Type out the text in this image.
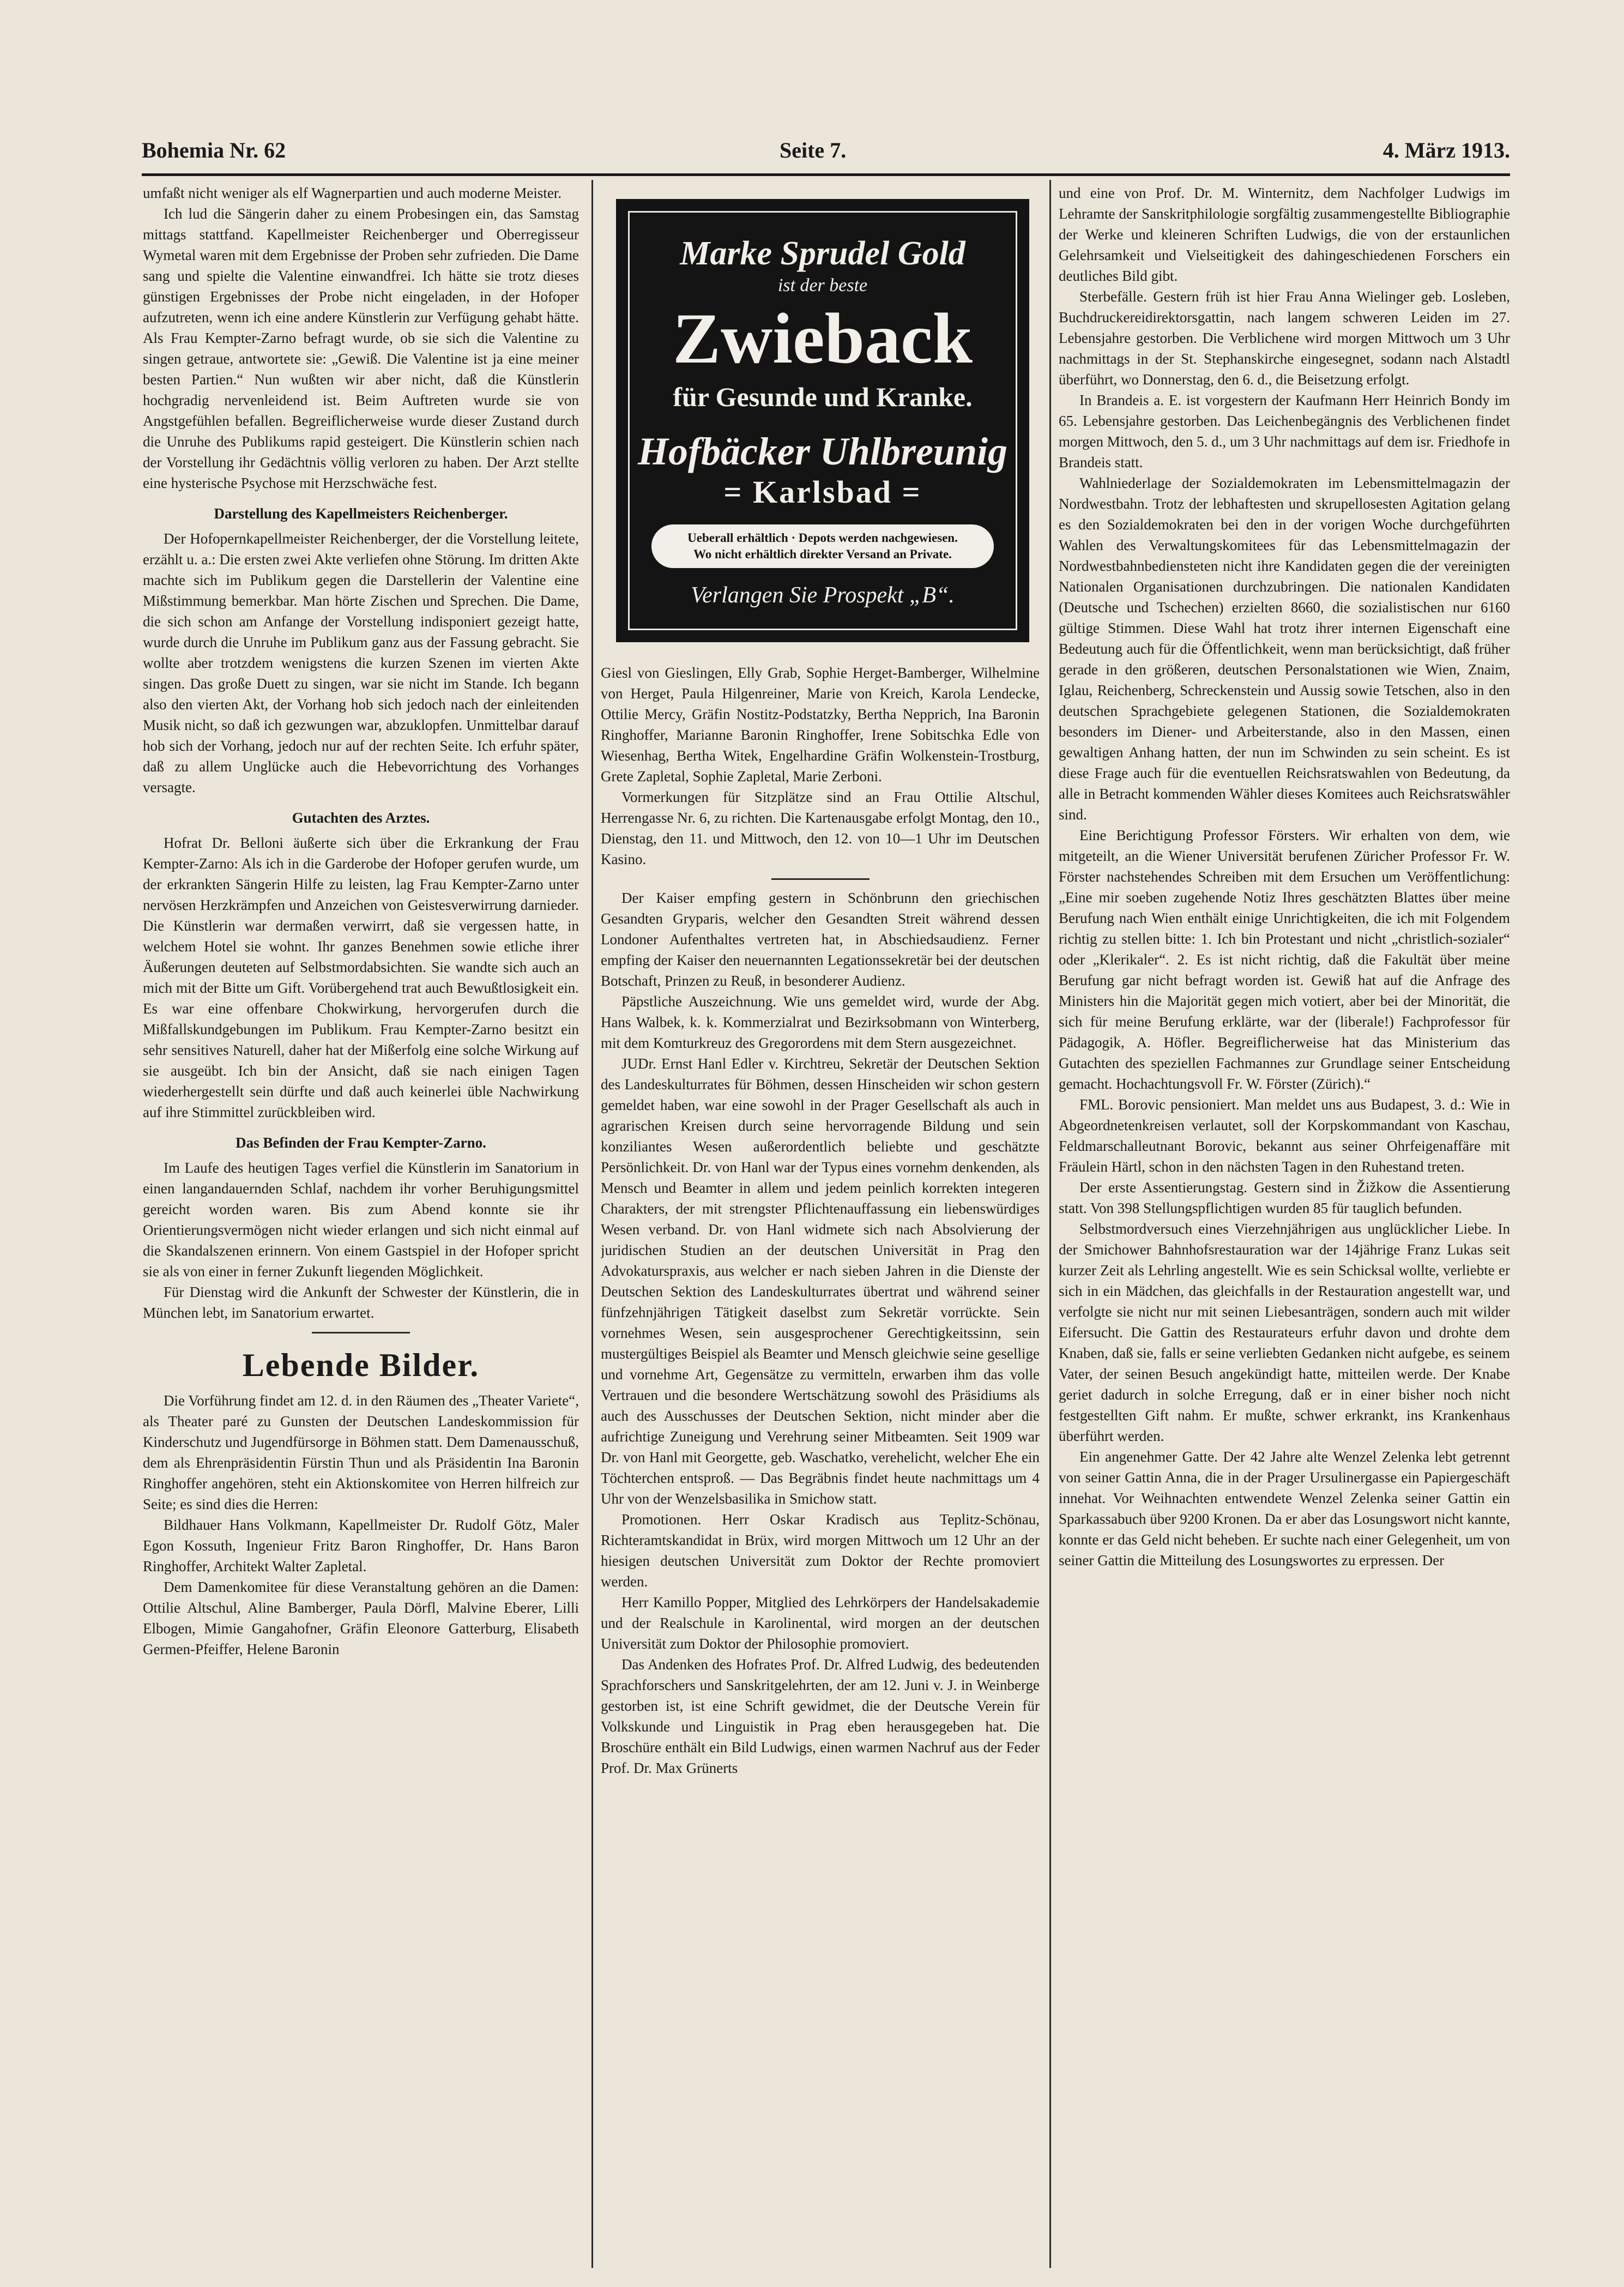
Bohemia Nr. 62	Seite 7.	4. März 1913.

umfaßt nicht weniger als elf Wagnerpartien und auch moderne Meister.

Ich lud die Sängerin daher zu einem Probesingen ein, das Samstag mittags stattfand. Kapellmeister Reichenberger und Oberregisseur Wymetal waren mit dem Ergebnisse der Proben sehr zufrieden. Die Dame sang und spielte die Valentine einwandfrei. Ich hätte sie trotz dieses günstigen Ergebnisses der Probe nicht eingeladen, in der Hofoper aufzutreten, wenn ich eine andere Künstlerin zur Verfügung gehabt hätte. Als Frau Kempter-Zarno befragt wurde, ob sie sich die Valentine zu singen getraue, antwortete sie: „Gewiß. Die Valentine ist ja eine meiner besten Partien.“ Nun wußten wir aber nicht, daß die Künstlerin hochgradig nervenleidend ist. Beim Auftreten wurde sie von Angstgefühlen befallen. Begreiflicherweise wurde dieser Zustand durch die Unruhe des Publikums rapid gesteigert. Die Künstlerin schien nach der Vorstellung ihr Gedächtnis völlig verloren zu haben. Der Arzt stellte eine hysterische Psychose mit Herzschwäche fest.

Darstellung des Kapellmeisters Reichenberger.

Der Hofopernkapellmeister Reichenberger, der die Vorstellung leitete, erzählt u. a.: Die ersten zwei Akte verliefen ohne Störung. Im dritten Akte machte sich im Publikum gegen die Darstellerin der Valentine eine Mißstimmung bemerkbar. Man hörte Zischen und Sprechen. Die Dame, die sich schon am Anfange der Vorstellung indisponiert gezeigt hatte, wurde durch die Unruhe im Publikum ganz aus der Fassung gebracht. Sie wollte aber trotzdem wenigstens die kurzen Szenen im vierten Akte singen. Das große Duett zu singen, war sie nicht im Stande. Ich begann also den vierten Akt, der Vorhang hob sich jedoch nach der einleitenden Musik nicht, so daß ich gezwungen war, abzuklopfen. Unmittelbar darauf hob sich der Vorhang, jedoch nur auf der rechten Seite. Ich erfuhr später, daß zu allem Unglücke auch die Hebevorrichtung des Vorhanges versagte.

Gutachten des Arztes.

Hofrat Dr. Belloni äußerte sich über die Erkrankung der Frau Kempter-Zarno: Als ich in die Garderobe der Hofoper gerufen wurde, um der erkrankten Sängerin Hilfe zu leisten, lag Frau Kempter-Zarno unter nervösen Herzkrämpfen und Anzeichen von Geistesverwirrung darnieder. Die Künstlerin war dermaßen verwirrt, daß sie vergessen hatte, in welchem Hotel sie wohnt. Ihr ganzes Benehmen sowie etliche ihrer Äußerungen deuteten auf Selbstmordabsichten. Sie wandte sich auch an mich mit der Bitte um Gift. Vorübergehend trat auch Bewußtlosigkeit ein. Es war eine offenbare Chokwirkung, hervorgerufen durch die Mißfallskundgebungen im Publikum. Frau Kempter-Zarno besitzt ein sehr sensitives Naturell, daher hat der Mißerfolg eine solche Wirkung auf sie ausgeübt. Ich bin der Ansicht, daß sie nach einigen Tagen wiederhergestellt sein dürfte und daß auch keinerlei üble Nachwirkung auf ihre Stimmittel zurückbleiben wird.

Das Befinden der Frau Kempter-Zarno.

Im Laufe des heutigen Tages verfiel die Künstlerin im Sanatorium in einen langandauernden Schlaf, nachdem ihr vorher Beruhigungsmittel gereicht worden waren. Bis zum Abend konnte sie ihr Orientierungsvermögen nicht wieder erlangen und sich nicht einmal auf die Skandalszenen erinnern. Von einem Gastspiel in der Hofoper spricht sie als von einer in ferner Zukunft liegenden Möglichkeit.

Für Dienstag wird die Ankunft der Schwester der Künstlerin, die in München lebt, im Sanatorium erwartet.

Lebende Bilder.

Die Vorführung findet am 12. d. in den Räumen des „Theater Variete“, als Theater paré zu Gunsten der Deutschen Landeskommission für Kinderschutz und Jugendfürsorge in Böhmen statt. Dem Damenausschuß, dem als Ehrenpräsidentin Fürstin Thun und als Präsidentin Ina Baronin Ringhoffer angehören, steht ein Aktionskomitee von Herren hilfreich zur Seite; es sind dies die Herren:

Bildhauer Hans Volkmann, Kapellmeister Dr. Rudolf Götz, Maler Egon Kossuth, Ingenieur Fritz Baron Ringhoffer, Dr. Hans Baron Ringhoffer, Architekt Walter Zapletal.

Dem Damenkomitee für diese Veranstaltung gehören an die Damen: Ottilie Altschul, Aline Bamberger, Paula Dörfl, Malvine Eberer, Lilli Elbogen, Mimie Gangahofner, Gräfin Eleonore Gatterburg, Elisabeth Germen-Pfeiffer, Helene Baronin

Marke Sprudel Gold
ist der beste
Zwieback
für Gesunde und Kranke.
Hofbäcker Uhlbreunig
= Karlsbad =
Ueberall erhältlich · Depots werden nachgewiesen.
Wo nicht erhältlich direkter Versand an Private.
Verlangen Sie Prospekt „B“.

Giesl von Gieslingen, Elly Grab, Sophie Herget-Bamberger, Wilhelmine von Herget, Paula Hilgenreiner, Marie von Kreich, Karola Lendecke, Ottilie Mercy, Gräfin Nostitz-Podstatzky, Bertha Nepprich, Ina Baronin Ringhoffer, Marianne Baronin Ringhoffer, Irene Sobitschka Edle von Wiesenhag, Bertha Witek, Engelhardine Gräfin Wolkenstein-Trostburg, Grete Zapletal, Sophie Zapletal, Marie Zerboni.

Vormerkungen für Sitzplätze sind an Frau Ottilie Altschul, Herrengasse Nr. 6, zu richten. Die Kartenausgabe erfolgt Montag, den 10., Dienstag, den 11. und Mittwoch, den 12. von 10—1 Uhr im Deutschen Kasino.

Der Kaiser empfing gestern in Schönbrunn den griechischen Gesandten Gryparis, welcher den Gesandten Streit während dessen Londoner Aufenthaltes vertreten hat, in Abschiedsaudienz. Ferner empfing der Kaiser den neuernannten Legationssekretär bei der deutschen Botschaft, Prinzen zu Reuß, in besonderer Audienz.

Päpstliche Auszeichnung. Wie uns gemeldet wird, wurde der Abg. Hans Walbek, k. k. Kommerzialrat und Bezirksobmann von Winterberg, mit dem Komturkreuz des Gregorordens mit dem Stern ausgezeichnet.

JUDr. Ernst Hanl Edler v. Kirchtreu, Sekretär der Deutschen Sektion des Landeskulturrates für Böhmen, dessen Hinscheiden wir schon gestern gemeldet haben, war eine sowohl in der Prager Gesellschaft als auch in agrarischen Kreisen durch seine hervorragende Bildung und sein konziliantes Wesen außerordentlich beliebte und geschätzte Persönlichkeit. Dr. von Hanl war der Typus eines vornehm denkenden, als Mensch und Beamter in allem und jedem peinlich korrekten integeren Charakters, der mit strengster Pflichtenauffassung ein liebenswürdiges Wesen verband. Dr. von Hanl widmete sich nach Absolvierung der juridischen Studien an der deutschen Universität in Prag den Advokaturspraxis, aus welcher er nach sieben Jahren in die Dienste der Deutschen Sektion des Landeskulturrates übertrat und während seiner fünfzehnjährigen Tätigkeit daselbst zum Sekretär vorrückte. Sein vornehmes Wesen, sein ausgesprochener Gerechtigkeitssinn, sein mustergültiges Beispiel als Beamter und Mensch gleichwie seine gesellige und vornehme Art, Gegensätze zu vermitteln, erwarben ihm das volle Vertrauen und die besondere Wertschätzung sowohl des Präsidiums als auch des Ausschusses der Deutschen Sektion, nicht minder aber die aufrichtige Zuneigung und Verehrung seiner Mitbeamten. Seit 1909 war Dr. von Hanl mit Georgette, geb. Waschatko, verehelicht, welcher Ehe ein Töchterchen entsproß. — Das Begräbnis findet heute nachmittags um 4 Uhr von der Wenzelsbasilika in Smichow statt.

Promotionen. Herr Oskar Kradisch aus Teplitz-Schönau, Richteramtskandidat in Brüx, wird morgen Mittwoch um 12 Uhr an der hiesigen deutschen Universität zum Doktor der Rechte promoviert werden.

Herr Kamillo Popper, Mitglied des Lehrkörpers der Handelsakademie und der Realschule in Karolinental, wird morgen an der deutschen Universität zum Doktor der Philosophie promoviert.

Das Andenken des Hofrates Prof. Dr. Alfred Ludwig, des bedeutenden Sprachforschers und Sanskritgelehrten, der am 12. Juni v. J. in Weinberge gestorben ist, ist eine Schrift gewidmet, die der Deutsche Verein für Volkskunde und Linguistik in Prag eben herausgegeben hat. Die Broschüre enthält ein Bild Ludwigs, einen warmen Nachruf aus der Feder Prof. Dr. Max Grünerts

und eine von Prof. Dr. M. Winternitz, dem Nachfolger Ludwigs im Lehramte der Sanskritphilologie sorgfältig zusammengestellte Bibliographie der Werke und kleineren Schriften Ludwigs, die von der erstaunlichen Gelehrsamkeit und Vielseitigkeit des dahingeschiedenen Forschers ein deutliches Bild gibt.

Sterbefälle. Gestern früh ist hier Frau Anna Wielinger geb. Losleben, Buchdruckereidirektorsgattin, nach langem schweren Leiden im 27. Lebensjahre gestorben. Die Verblichene wird morgen Mittwoch um 3 Uhr nachmittags in der St. Stephanskirche eingesegnet, sodann nach Alstadtl überführt, wo Donnerstag, den 6. d., die Beisetzung erfolgt.

In Brandeis a. E. ist vorgestern der Kaufmann Herr Heinrich Bondy im 65. Lebensjahre gestorben. Das Leichenbegängnis des Verblichenen findet morgen Mittwoch, den 5. d., um 3 Uhr nachmittags auf dem isr. Friedhofe in Brandeis statt.

Wahlniederlage der Sozialdemokraten im Lebensmittelmagazin der Nordwestbahn. Trotz der lebhaftesten und skrupellosesten Agitation gelang es den Sozialdemokraten bei den in der vorigen Woche durchgeführten Wahlen des Verwaltungskomitees für das Lebensmittelmagazin der Nordwestbahnbediensteten nicht ihre Kandidaten gegen die der vereinigten Nationalen Organisationen durchzubringen. Die nationalen Kandidaten (Deutsche und Tschechen) erzielten 8660, die sozialistischen nur 6160 gültige Stimmen. Diese Wahl hat trotz ihrer internen Eigenschaft eine Bedeutung auch für die Öffentlichkeit, wenn man berücksichtigt, daß früher gerade in den größeren, deutschen Personalstationen wie Wien, Znaim, Iglau, Reichenberg, Schreckenstein und Aussig sowie Tetschen, also in den deutschen Sprachgebiete gelegenen Stationen, die Sozialdemokraten besonders im Diener- und Arbeiterstande, also in den Massen, einen gewaltigen Anhang hatten, der nun im Schwinden zu sein scheint. Es ist diese Frage auch für die eventuellen Reichsratswahlen von Bedeutung, da alle in Betracht kommenden Wähler dieses Komitees auch Reichsratswähler sind.

Eine Berichtigung Professor Försters. Wir erhalten von dem, wie mitgeteilt, an die Wiener Universität berufenen Züricher Professor Fr. W. Förster nachstehendes Schreiben mit dem Ersuchen um Veröffentlichung: „Eine mir soeben zugehende Notiz Ihres geschätzten Blattes über meine Berufung nach Wien enthält einige Unrichtigkeiten, die ich mit Folgendem richtig zu stellen bitte: 1. Ich bin Protestant und nicht „christlich-sozialer“ oder „Klerikaler“. 2. Es ist nicht richtig, daß die Fakultät über meine Berufung gar nicht befragt worden ist. Gewiß hat auf die Anfrage des Ministers hin die Majorität gegen mich votiert, aber bei der Minorität, die sich für meine Berufung erklärte, war der (liberale!) Fachprofessor für Pädagogik, A. Höfler. Begreiflicherweise hat das Ministerium das Gutachten des speziellen Fachmannes zur Grundlage seiner Entscheidung gemacht. Hochachtungsvoll Fr. W. Förster (Zürich).“

FML. Borovic pensioniert. Man meldet uns aus Budapest, 3. d.: Wie in Abgeordnetenkreisen verlautet, soll der Korpskommandant von Kaschau, Feldmarschalleutnant Borovic, bekannt aus seiner Ohrfeigenaffäre mit Fräulein Härtl, schon in den nächsten Tagen in den Ruhestand treten.

Der erste Assentierungstag. Gestern sind in Žižkow die Assentierung statt. Von 398 Stellungspflichtigen wurden 85 für tauglich befunden.

Selbstmordversuch eines Vierzehnjährigen aus unglücklicher Liebe. In der Smichower Bahnhofsrestauration war der 14jährige Franz Lukas seit kurzer Zeit als Lehrling angestellt. Wie es sein Schicksal wollte, verliebte er sich in ein Mädchen, das gleichfalls in der Restauration angestellt war, und verfolgte sie nicht nur mit seinen Liebesanträgen, sondern auch mit wilder Eifersucht. Die Gattin des Restaurateurs erfuhr davon und drohte dem Knaben, daß sie, falls er seine verliebten Gedanken nicht aufgebe, es seinem Vater, der seinen Besuch angekündigt hatte, mitteilen werde. Der Knabe geriet dadurch in solche Erregung, daß er in einer bisher noch nicht festgestellten Gift nahm. Er mußte, schwer erkrankt, ins Krankenhaus überführt werden.

Ein angenehmer Gatte. Der 42 Jahre alte Wenzel Zelenka lebt getrennt von seiner Gattin Anna, die in der Prager Ursulinergasse ein Papiergeschäft innehat. Vor Weihnachten entwendete Wenzel Zelenka seiner Gattin ein Sparkassabuch über 9200 Kronen. Da er aber das Losungswort nicht kannte, konnte er das Geld nicht beheben. Er suchte nach einer Gelegenheit, um von seiner Gattin die Mitteilung des Losungswortes zu erpressen. Der
